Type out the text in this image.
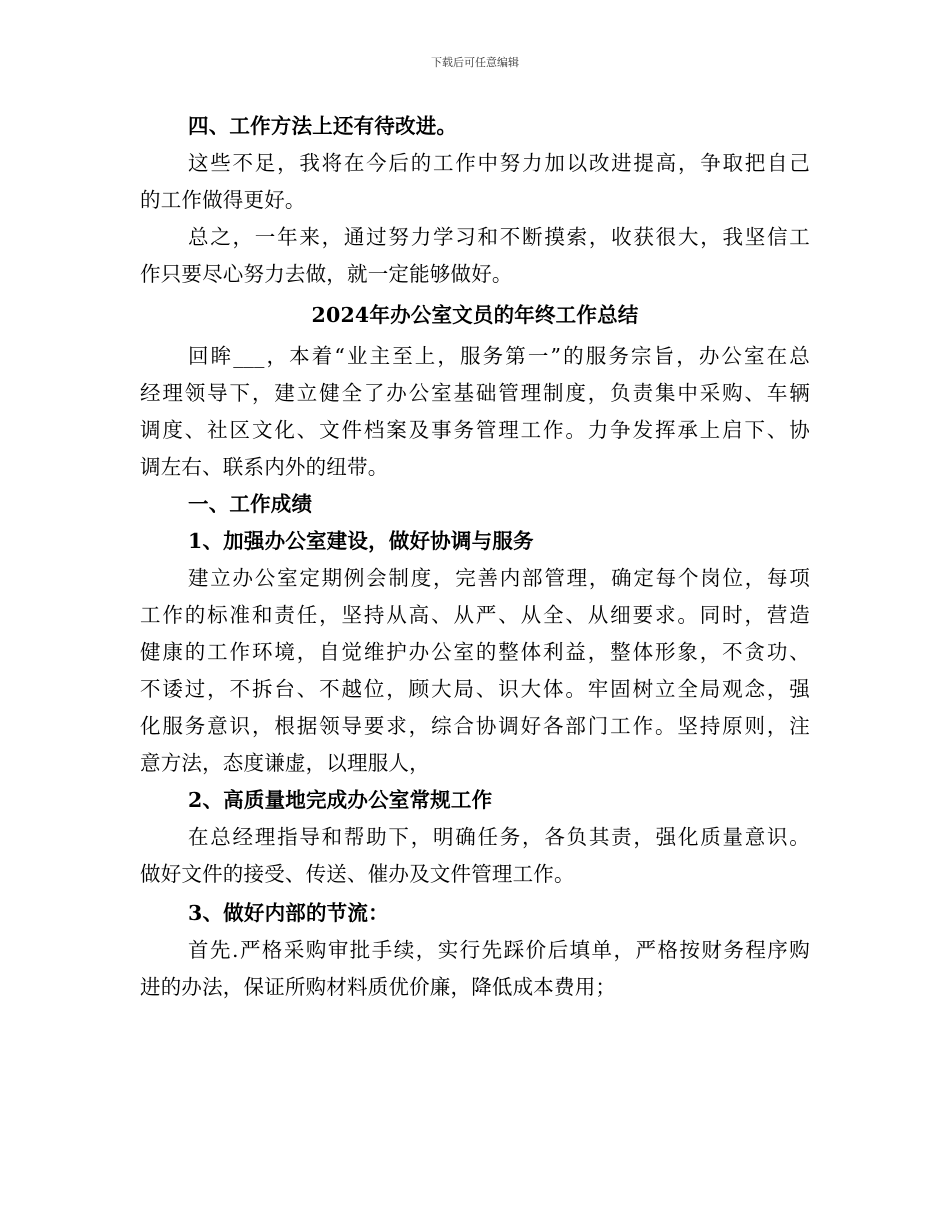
下载后可任意编辑
四、工作方法上还有待改进。
这些不足，我将在今后的工作中努力加以改进提高，争取把自己
的工作做得更好。
总之，一年来，通过努力学习和不断摸索，收获很大，我坚信工
作只要尽心努力去做，就一定能够做好。
2024年办公室文员的年终工作总结
回眸___，本着“业主至上，服务第一”的服务宗旨，办公室在总
经理领导下，建立健全了办公室基础管理制度，负责集中采购、车辆
调度、社区文化、文件档案及事务管理工作。力争发挥承上启下、协
调左右、联系内外的纽带。
一、工作成绩
1、加强办公室建设，做好协调与服务
建立办公室定期例会制度，完善内部管理，确定每个岗位，每项
工作的标准和责任，坚持从高、从严、从全、从细要求。同时，营造
健康的工作环境，自觉维护办公室的整体利益，整体形象，不贪功、
不诿过，不拆台、不越位，顾大局、识大体。牢固树立全局观念，强
化服务意识，根据领导要求，综合协调好各部门工作。坚持原则，注
意方法，态度谦虚，以理服人，
2、高质量地完成办公室常规工作
在总经理指导和帮助下，明确任务，各负其责，强化质量意识。
做好文件的接受、传送、催办及文件管理工作。
3、做好内部的节流：
首先.严格采购审批手续，实行先踩价后填单，严格按财务程序购
进的办法，保证所购材料质优价廉，降低成本费用；
